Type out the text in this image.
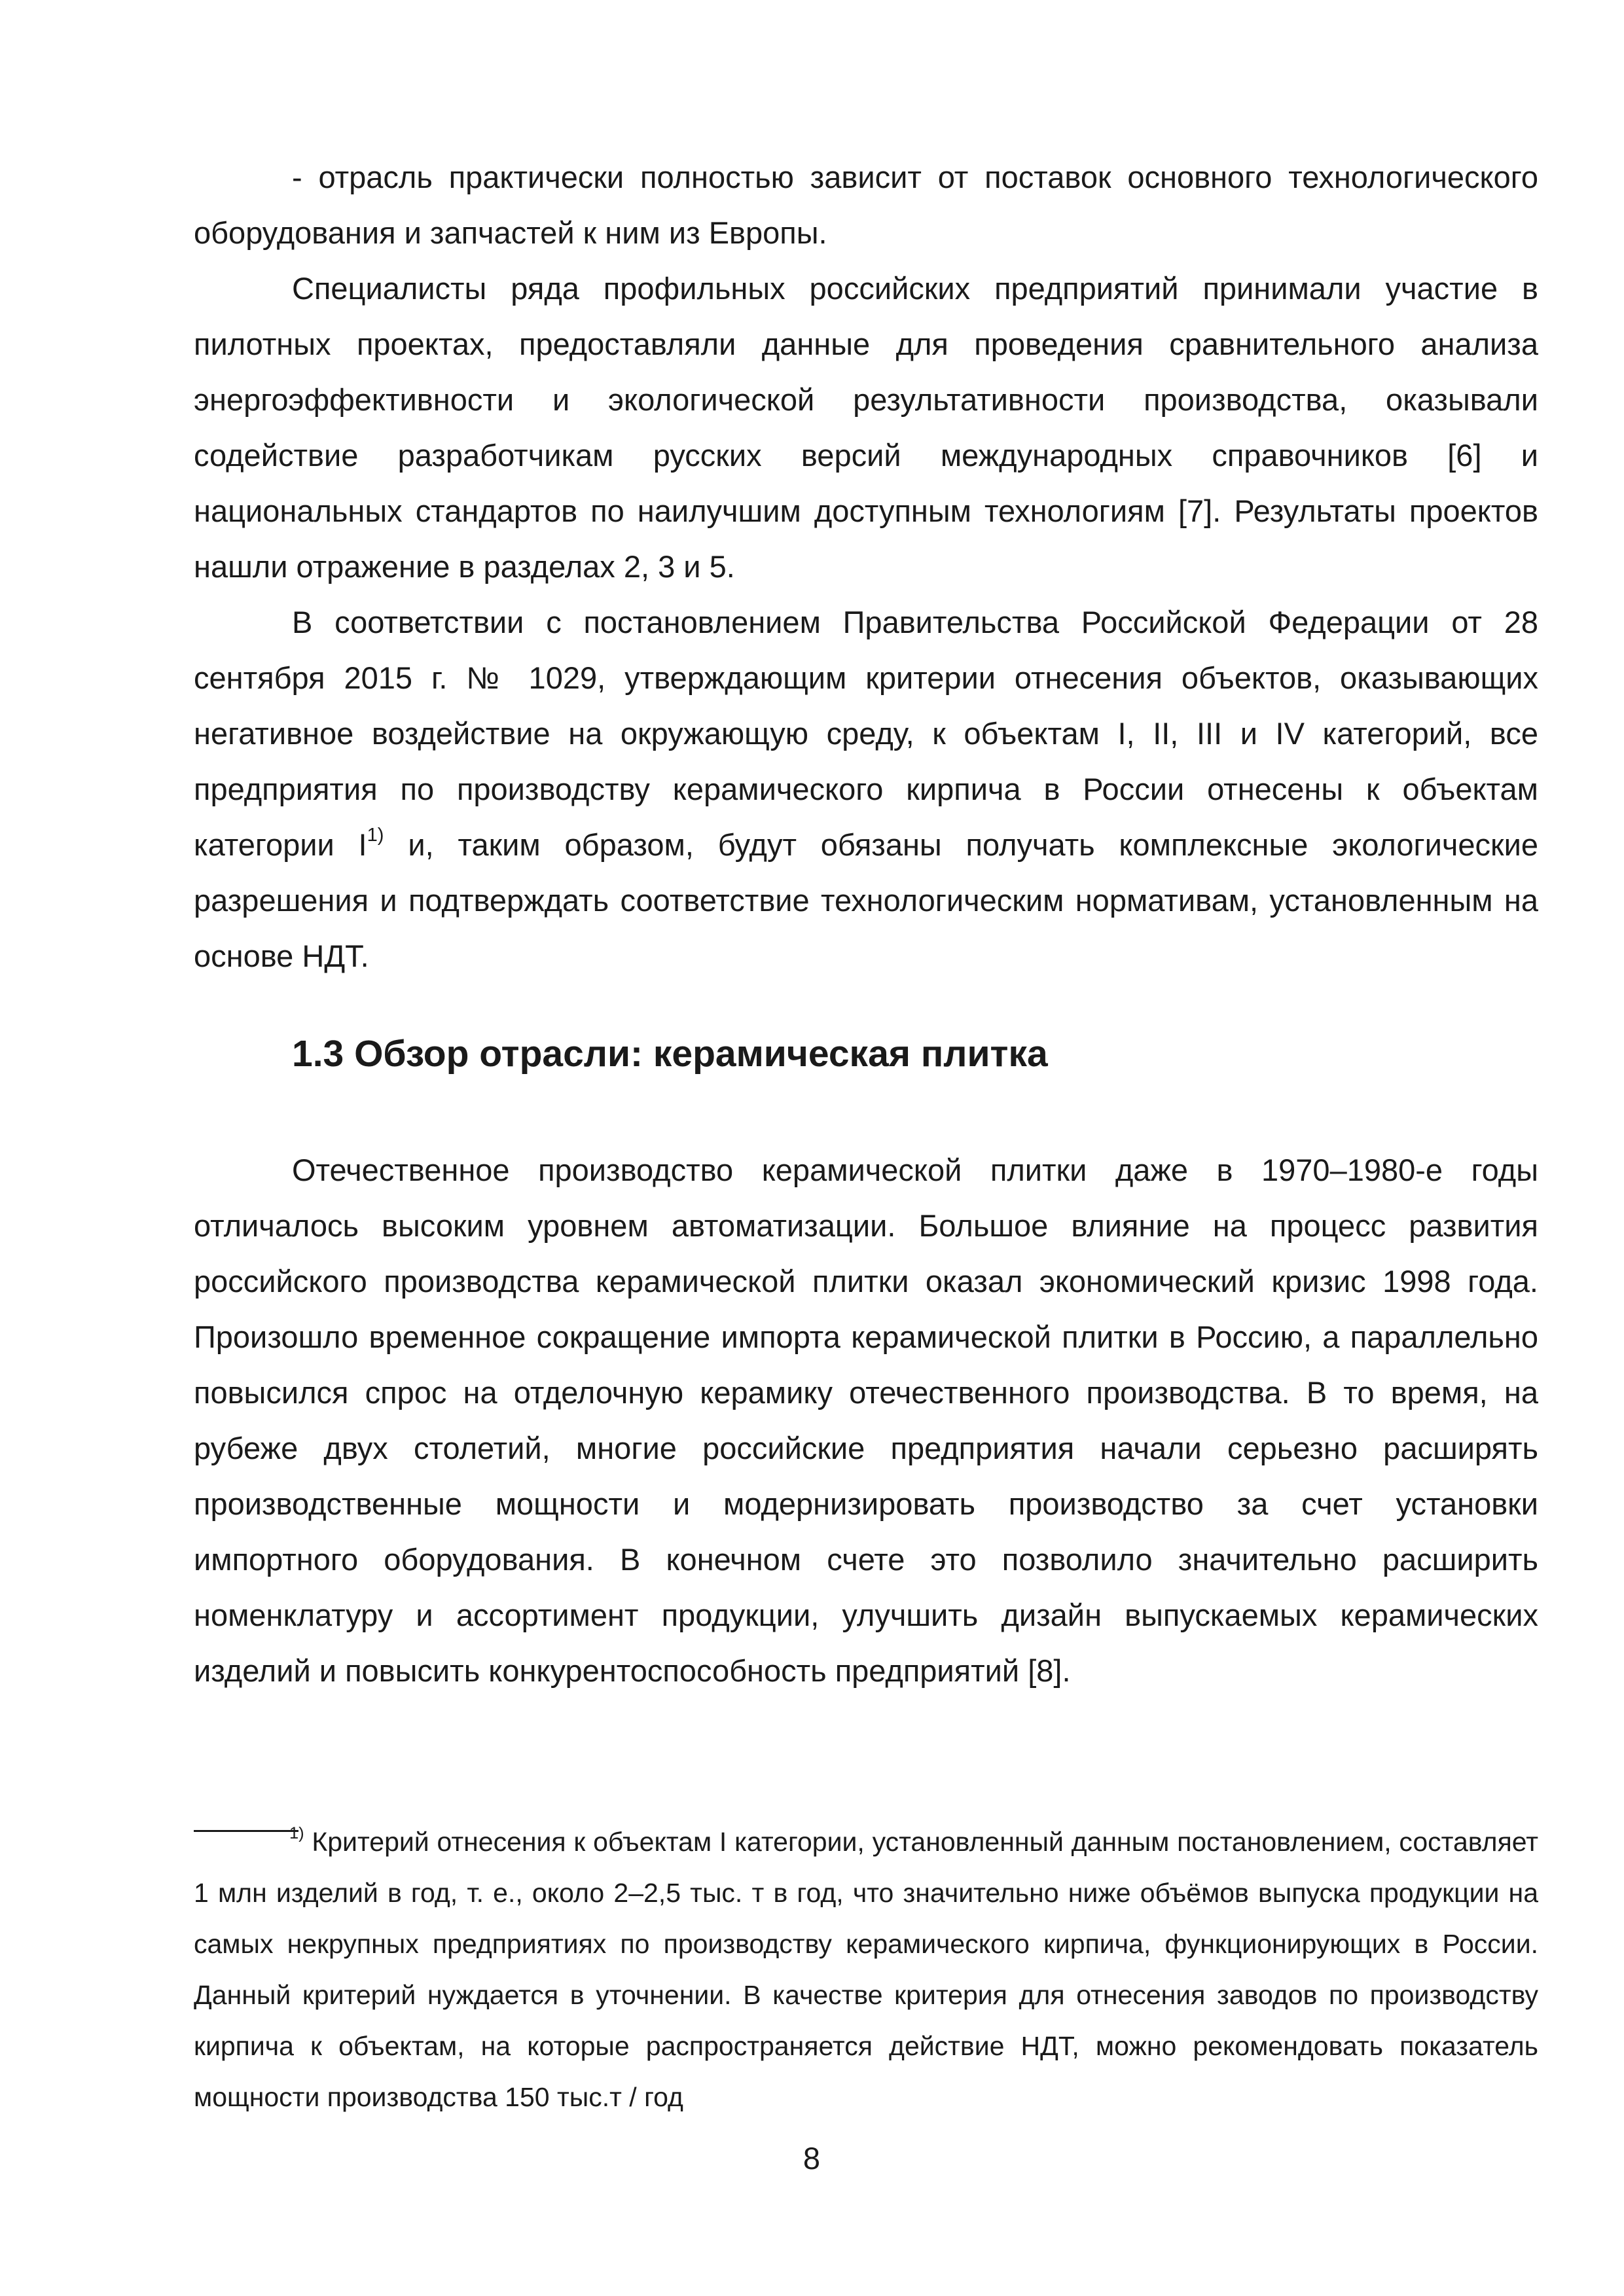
- отрасль практически полностью зависит от поставок основного технологического оборудования и запчастей к ним из Европы.

Специалисты ряда профильных российских предприятий принимали участие в пилотных проектах, предоставляли данные для проведения сравнительного анализа энергоэффективности и экологической результативности производства, оказывали содействие разработчикам русских версий международных справочников [6] и национальных стандартов по наилучшим доступным технологиям [7]. Результаты проектов нашли отражение в разделах 2, 3 и 5.

В соответствии с постановлением Правительства Российской Федерации от 28 сентября 2015 г. № 1029, утверждающим критерии отнесения объектов, оказывающих негативное воздействие на окружающую среду, к объектам I, II, III и IV категорий, все предприятия по производству керамического кирпича в России отнесены к объектам категории $I^{1)}$ и, таким образом, будут обязаны получать комплексные экологические разрешения и подтверждать соответствие технологическим нормативам, установленным на основе НДТ.

1.3 Обзор отрасли: керамическая плитка

Отечественное производство керамической плитки даже в 1970–1980-е годы отличалось высоким уровнем автоматизации. Большое влияние на процесс развития российского производства керамической плитки оказал экономический кризис 1998 года. Произошло временное сокращение импорта керамической плитки в Россию, а параллельно повысился спрос на отделочную керамику отечественного производства. В то время, на рубеже двух столетий, многие российские предприятия начали серьезно расширять производственные мощности и модернизировать производство за счет установки импортного оборудования. В конечном счете это позволило значительно расширить номенклатуру и ассортимент продукции, улучшить дизайн выпускаемых керамических изделий и повысить конкурентоспособность предприятий [8].

$^{1)}$ Критерий отнесения к объектам I категории, установленный данным постановлением, составляет 1 млн изделий в год, т. е., около 2–2,5 тыс. т в год, что значительно ниже объёмов выпуска продукции на самых некрупных предприятиях по производству керамического кирпича, функционирующих в России. Данный критерий нуждается в уточнении. В качестве критерия для отнесения заводов по производству кирпича к объектам, на которые распространяется действие НДТ, можно рекомендовать показатель мощности производства 150 тыс.т / год

8
